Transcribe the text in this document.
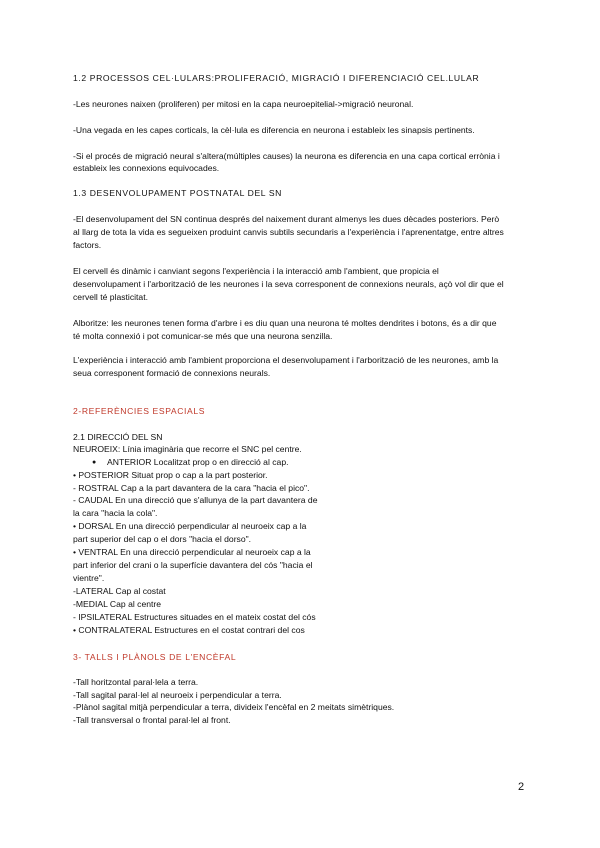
1.2 PROCESSOS CEL·LULARS:PROLIFERACIÓ, MIGRACIÓ I DIFERENCIACIÓ CEL.LULAR
-Les neurones naixen (proliferen) per mitosi en la capa neuroepitelial->migració neuronal.
-Una vegada en les capes corticals, la cèl·lula es diferencia en neurona i estableix les sinapsis pertinents.
-Si el procés de migració neural s'altera(múltiples causes) la neurona es diferencia en una capa cortical errònia i
estableix les connexions equivocades.
1.3 DESENVOLUPAMENT POSTNATAL DEL SN
-El desenvolupament del SN continua després del naixement durant almenys les dues dècades posteriors. Però
al llarg de tota la vida es segueixen produint canvis subtils secundaris a l'experiència i l'aprenentatge, entre altres
factors.
El cervell és dinàmic i canviant segons l'experiència i la interacció amb l'ambient, que propicia el
desenvolupament i l'arborització de les neurones i la seva corresponent de connexions neurals, açò vol dir que el
cervell té plasticitat.
Alboritze: les neurones tenen forma d'arbre i es diu quan una neurona té moltes dendrites i botons, és a dir que
té molta connexió i pot comunicar-se més que una neurona senzilla.
L'experiència i interacció amb l'ambient proporciona el desenvolupament i l'arborització de les neurones, amb la
seua corresponent formació de connexions neurals.
2-REFERÈNCIES ESPACIALS
2.1 DIRECCIÓ DEL SN
NEUROEIX: Línia imaginària que recorre el SNC pel centre.
● ANTERIOR Localitzat prop o en direcció al cap.
• POSTERIOR Situat prop o cap a la part posterior.
- ROSTRAL Cap a la part davantera de la cara "hacia el pico".
- CAUDAL En una direcció que s'allunya de la part davantera de
la cara "hacia la cola".
• DORSAL En una direcció perpendicular al neuroeix cap a la
part superior del cap o el dors "hacia el dorso".
• VENTRAL En una direcció perpendicular al neuroeix cap a la
part inferior del crani o la superfície davantera del cós "hacia el
vientre".
-LATERAL Cap al costat
-MEDIAL Cap al centre
- IPSILATERAL Estructures situades en el mateix costat del cós
• CONTRALATERAL Estructures en el costat contrari del cos
3- TALLS I PLÀNOLS DE L'ENCÈFAL
-Tall horitzontal paral·lela a terra.
-Tall sagital paral·lel al neuroeix i perpendicular a terra.
-Plànol sagital mitjà perpendicular a terra, divideix l'encèfal en 2 meitats simètriques.
-Tall transversal o frontal paral·lel al front.
2
